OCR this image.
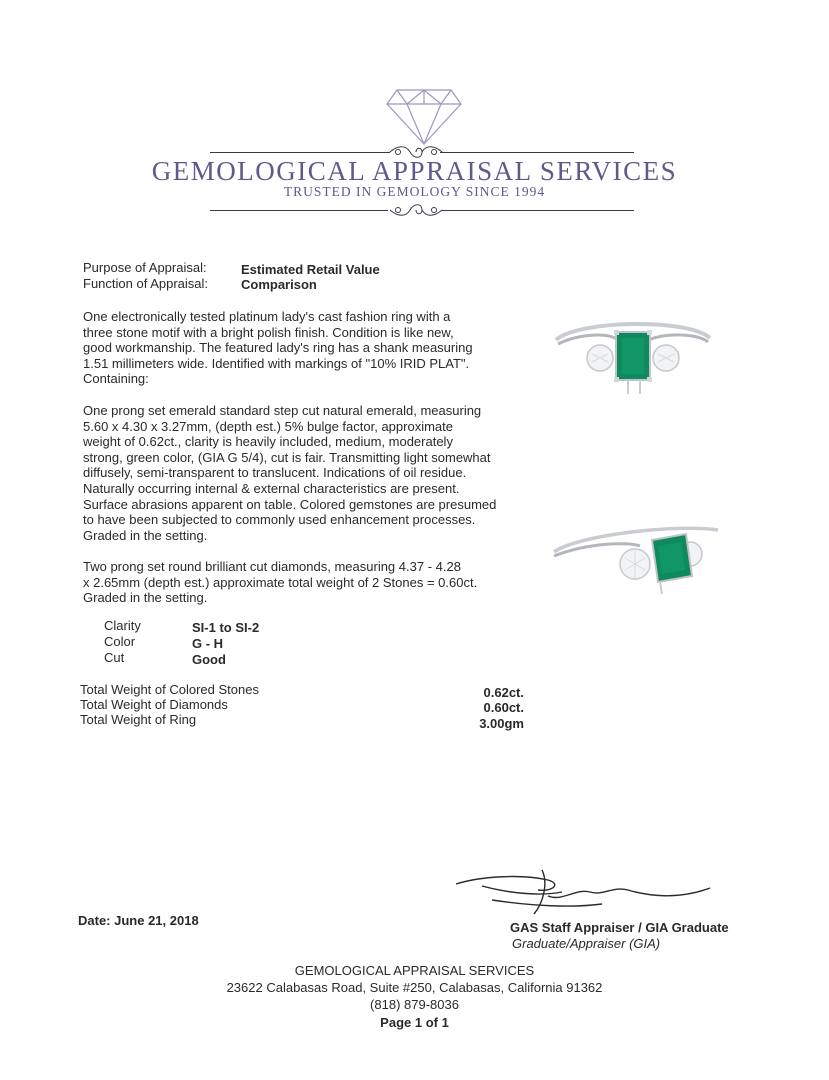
GEMOLOGICAL APPRAISAL SERVICES
TRUSTED IN GEMOLOGY SINCE 1994
Purpose of Appraisal:	Estimated Retail Value
Function of Appraisal:	Comparison
One electronically tested platinum lady's cast fashion ring with a
three stone motif with a bright polish finish. Condition is like new,
good workmanship. The featured lady's ring has a shank measuring
1.51 millimeters wide. Identified with markings of "10% IRID PLAT".
Containing:
One prong set emerald standard step cut natural emerald, measuring
5.60 x 4.30 x 3.27mm, (depth est.) 5% bulge factor, approximate
weight of 0.62ct., clarity is heavily included, medium, moderately
strong, green color, (GIA G 5/4), cut is fair. Transmitting light somewhat
diffusely, semi-transparent to translucent. Indications of oil residue.
Naturally occurring internal & external characteristics are present.
Surface abrasions apparent on table. Colored gemstones are presumed
to have been subjected to commonly used enhancement processes.
Graded in the setting.
Two prong set round brilliant cut diamonds, measuring 4.37 - 4.28
x 2.65mm (depth est.) approximate total weight of 2 Stones = 0.60ct.
Graded in the setting.
Clarity	SI-1 to SI-2
Color	G - H
Cut	Good
Total Weight of Colored Stones	0.62ct.
Total Weight of Diamonds	0.60ct.
Total Weight of Ring	3.00gm
GAS Staff Appraiser / GIA Graduate
Graduate/Appraiser (GIA)
Date: June 21, 2018
GEMOLOGICAL APPRAISAL SERVICES
23622 Calabasas Road, Suite #250, Calabasas, California 91362
(818) 879-8036
Page 1 of 1
